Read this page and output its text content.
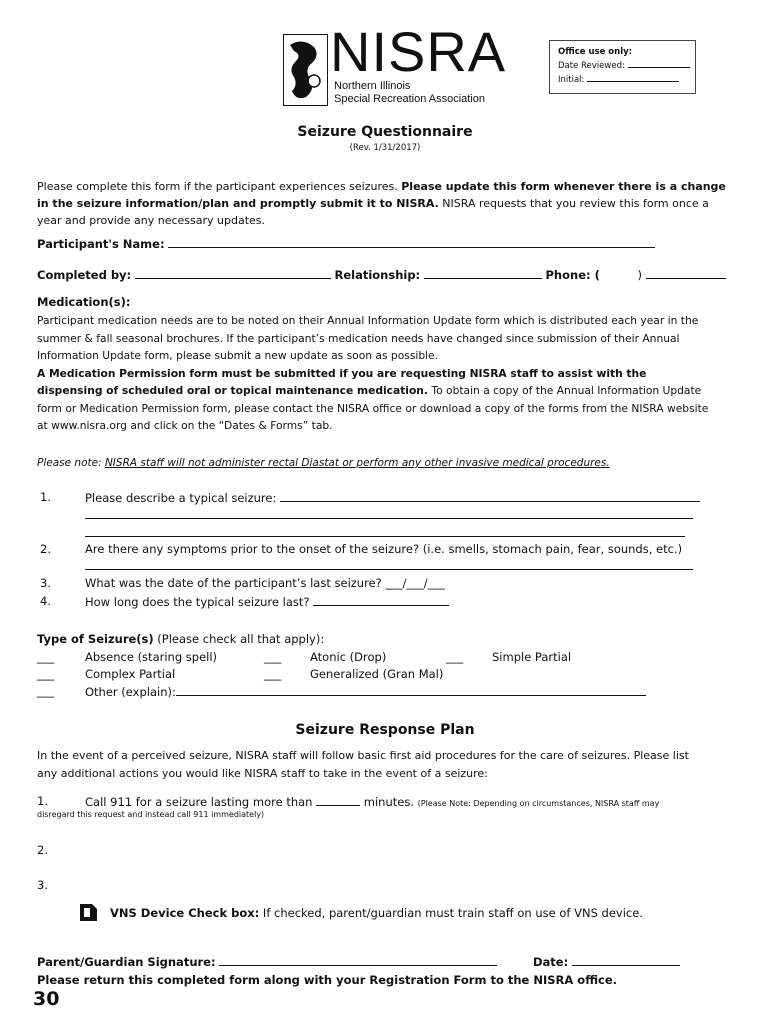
NISRA
Northern Illinois
Special Recreation Association
Office use only:
Date Reviewed:
Initial:
Seizure Questionnaire
(Rev. 1/31/2017)

Please complete this form if the participant experiences seizures. Please update this form whenever there is a change in the seizure information/plan and promptly submit it to NISRA. NISRA requests that you review this form once a year and provide any necessary updates.

Participant's Name:
Completed by:	Relationship:	Phone: (	)
Medication(s):

Participant medication needs are to be noted on their Annual Information Update form which is distributed each year in the summer & fall seasonal brochures. If the participant’s medication needs have changed since submission of their Annual Information Update form, please submit a new update as soon as possible.
A Medication Permission form must be submitted if you are requesting NISRA staff to assist with the dispensing of scheduled oral or topical maintenance medication. To obtain a copy of the Annual Information Update form or Medication Permission form, please contact the NISRA office or download a copy of the forms from the NISRA website at www.nisra.org and click on the “Dates & Forms” tab.

Please note: NISRA staff will not administer rectal Diastat or perform any other invasive medical procedures.
1.	Please describe a typical seizure:
2.	Are there any symptoms prior to the onset of the seizure? (i.e. smells, stomach pain, fear, sounds, etc.)
3.	What was the date of the participant’s last seizure? ___/___/___
4.	How long does the typical seizure last?
Type of Seizure(s) (Please check all that apply):
___	Absence (staring spell)	___	Atonic (Drop)	___	Simple Partial
___	Complex Partial	___	Generalized (Gran Mal)
___	Other (explain):
Seizure Response Plan

In the event of a perceived seizure, NISRA staff will follow basic first aid procedures for the care of seizures. Please list any additional actions you would like NISRA staff to take in the event of a seizure:

1.	Call 911 for a seizure lasting more than	minutes. (Please Note: Depending on circumstances, NISRA staff may
disregard this request and instead call 911 immediately)
2.
3.
VNS Device Check box: If checked, parent/guardian must train staff on use of VNS device.
Parent/Guardian Signature:	Date:
Please return this completed form along with your Registration Form to the NISRA office.
30
